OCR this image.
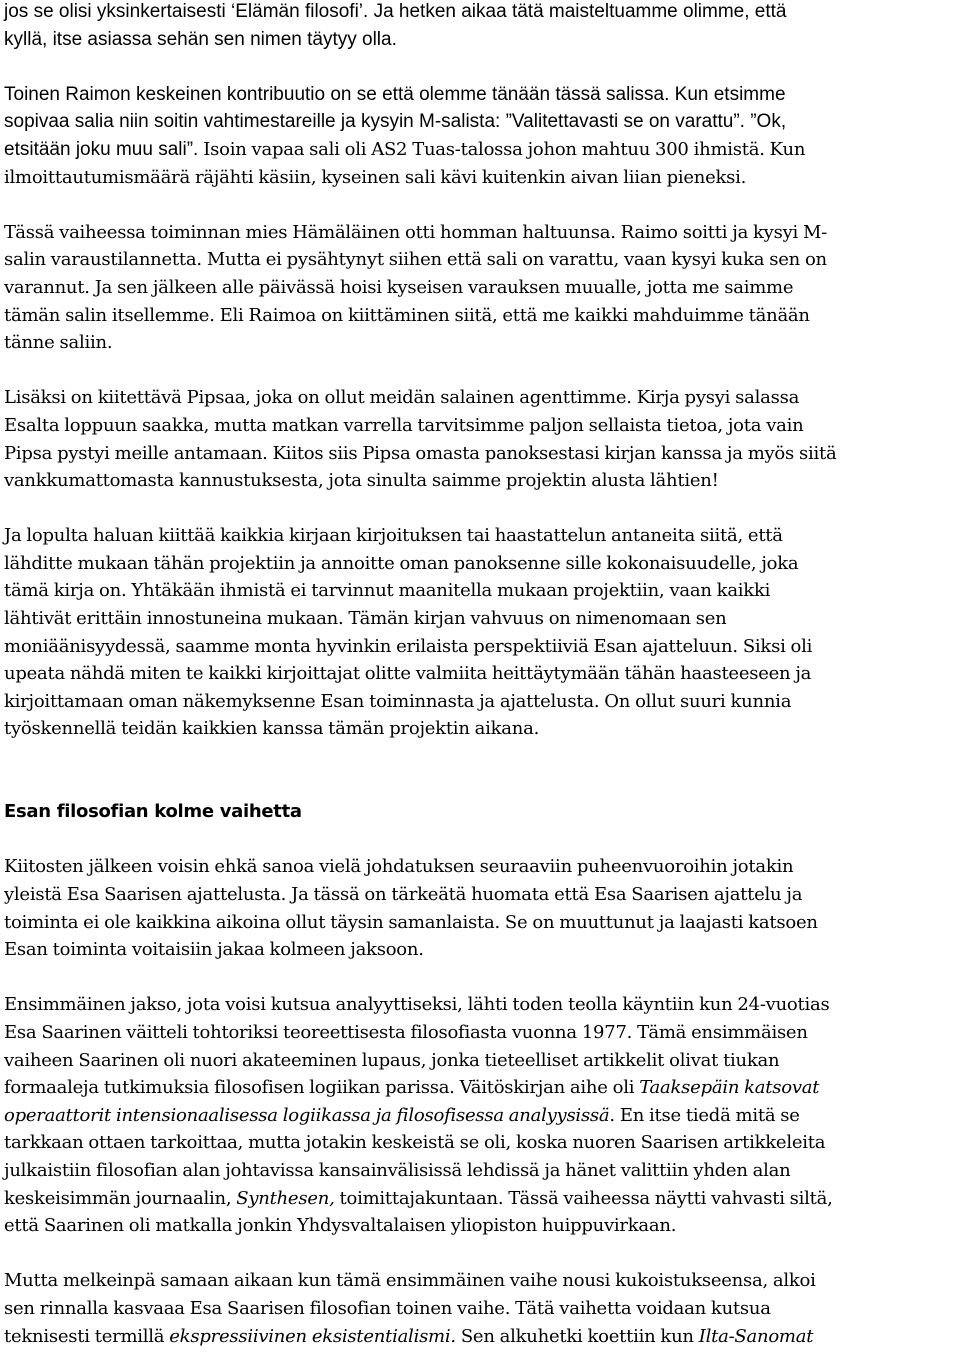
jos se olisi yksinkertaisesti ‘Elämän filosofi’. Ja hetken aikaa tätä maisteltuamme olimme, että

kyllä, itse asiassa sehän sen nimen täytyy olla.

Toinen Raimon keskeinen kontribuutio on se että olemme tänään tässä salissa. Kun etsimme

sopivaa salia niin soitin vahtimestareille ja kysyin M-salista: ”Valitettavasti se on varattu”. ”Ok,

etsitään joku muu sali”. Isoin vapaa sali oli AS2 Tuas-talossa johon mahtuu 300 ihmistä. Kun

ilmoittautumismäärä räjähti käsiin, kyseinen sali kävi kuitenkin aivan liian pieneksi.

Tässä vaiheessa toiminnan mies Hämäläinen otti homman haltuunsa. Raimo soitti ja kysyi M-

salin varaustilannetta. Mutta ei pysähtynyt siihen että sali on varattu, vaan kysyi kuka sen on

varannut. Ja sen jälkeen alle päivässä hoisi kyseisen varauksen muualle, jotta me saimme

tämän salin itsellemme. Eli Raimoa on kiittäminen siitä, että me kaikki mahduimme tänään

tänne saliin.

Lisäksi on kiitettävä Pipsaa, joka on ollut meidän salainen agenttimme. Kirja pysyi salassa

Esalta loppuun saakka, mutta matkan varrella tarvitsimme paljon sellaista tietoa, jota vain

Pipsa pystyi meille antamaan. Kiitos siis Pipsa omasta panoksestasi kirjan kanssa ja myös siitä

vankkumattomasta kannustuksesta, jota sinulta saimme projektin alusta lähtien!

Ja lopulta haluan kiittää kaikkia kirjaan kirjoituksen tai haastattelun antaneita siitä, että

lähditte mukaan tähän projektiin ja annoitte oman panoksenne sille kokonaisuudelle, joka

tämä kirja on. Yhtäkään ihmistä ei tarvinnut maanitella mukaan projektiin, vaan kaikki

lähtivät erittäin innostuneina mukaan. Tämän kirjan vahvuus on nimenomaan sen

moniäänisyydessä, saamme monta hyvinkin erilaista perspektiiviä Esan ajatteluun. Siksi oli

upeata nähdä miten te kaikki kirjoittajat olitte valmiita heittäytymään tähän haasteeseen ja

kirjoittamaan oman näkemyksenne Esan toiminnasta ja ajattelusta. On ollut suuri kunnia

työskennellä teidän kaikkien kanssa tämän projektin aikana.

Esan filosofian kolme vaihetta

Kiitosten jälkeen voisin ehkä sanoa vielä johdatuksen seuraaviin puheenvuoroihin jotakin

yleistä Esa Saarisen ajattelusta. Ja tässä on tärkeätä huomata että Esa Saarisen ajattelu ja

toiminta ei ole kaikkina aikoina ollut täysin samanlaista. Se on muuttunut ja laajasti katsoen

Esan toiminta voitaisiin jakaa kolmeen jaksoon.

Ensimmäinen jakso, jota voisi kutsua analyyttiseksi, lähti toden teolla käyntiin kun 24-vuotias

Esa Saarinen väitteli tohtoriksi teoreettisesta filosofiasta vuonna 1977. Tämä ensimmäisen

vaiheen Saarinen oli nuori akateeminen lupaus, jonka tieteelliset artikkelit olivat tiukan

formaaleja tutkimuksia filosofisen logiikan parissa. Väitöskirjan aihe oli Taaksepäin katsovat

operaattorit intensionaalisessa logiikassa ja filosofisessa analyysissä. En itse tiedä mitä se

tarkkaan ottaen tarkoittaa, mutta jotakin keskeistä se oli, koska nuoren Saarisen artikkeleita

julkaistiin filosofian alan johtavissa kansainvälisissä lehdissä ja hänet valittiin yhden alan

keskeisimmän journaalin, Synthesen, toimittajakuntaan. Tässä vaiheessa näytti vahvasti siltä,

että Saarinen oli matkalla jonkin Yhdysvaltalaisen yliopiston huippuvirkaan.

Mutta melkeinpä samaan aikaan kun tämä ensimmäinen vaihe nousi kukoistukseensa, alkoi

sen rinnalla kasvaaa Esa Saarisen filosofian toinen vaihe. Tätä vaihetta voidaan kutsua

teknisesti termillä ekspressiivinen eksistentialismi. Sen alkuhetki koettiin kun Ilta-Sanomat
